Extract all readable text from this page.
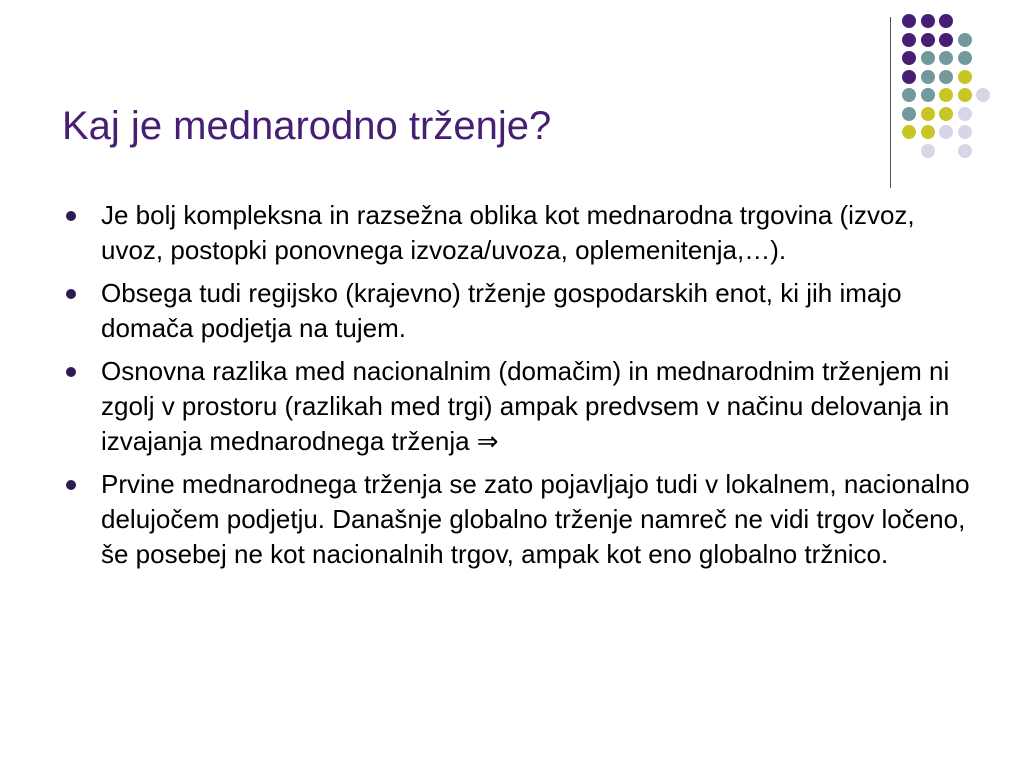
Kaj je mednarodno trženje?
Je bolj kompleksna in razsežna oblika kot mednarodna trgovina (izvoz, uvoz, postopki ponovnega izvoza/uvoza, oplemenitenja,…).
Obsega tudi regijsko (krajevno) trženje gospodarskih enot, ki jih imajo domača podjetja na tujem.
Osnovna razlika med nacionalnim (domačim) in mednarodnim trženjem ni zgolj v prostoru (razlikah med trgi) ampak predvsem v načinu delovanja in izvajanja mednarodnega trženja ⇒
Prvine mednarodnega trženja se zato pojavljajo tudi v lokalnem, nacionalno delujočem podjetju. Današnje globalno trženje namreč ne vidi trgov ločeno, še posebej ne kot nacionalnih trgov, ampak kot eno globalno tržnico.
